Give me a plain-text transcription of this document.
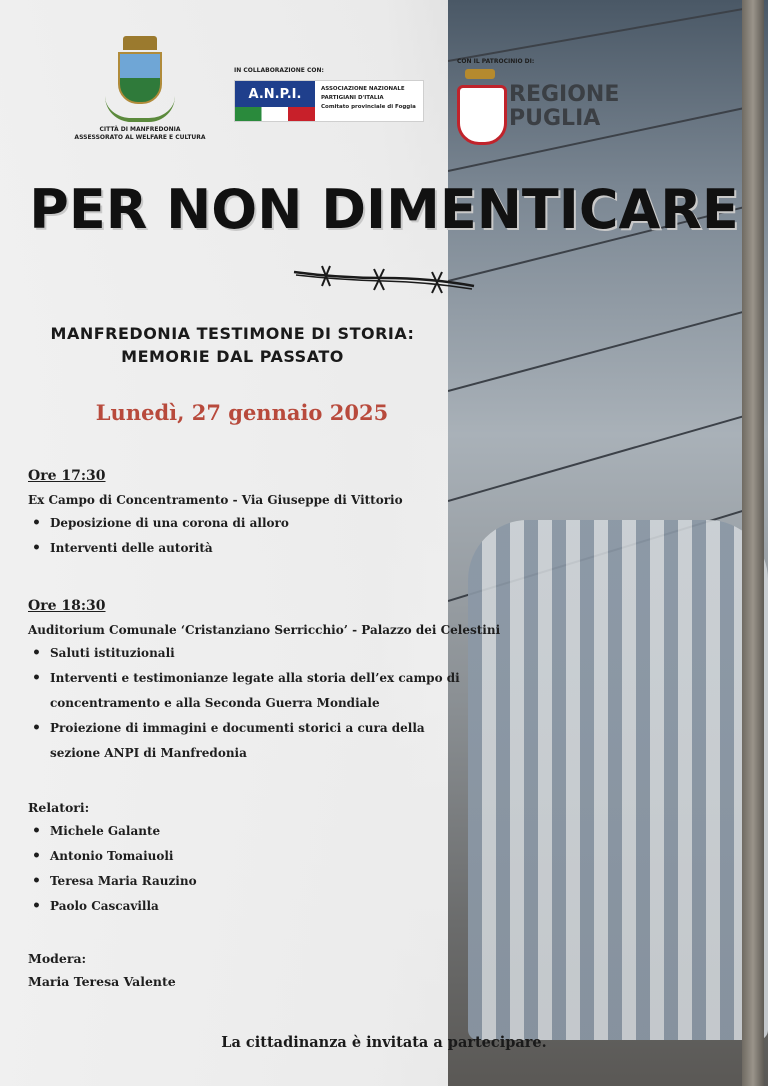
CITTÀ DI MANFREDONIA
ASSESSORATO AL WELFARE E CULTURA
IN COLLABORAZIONE CON:
A.N.P.I.	ASSOCIAZIONE NAZIONALE
PARTIGIANI D'ITALIA
Comitato provinciale di Foggia
CON IL PATROCINIO DI:
REGIONE
PUGLIA
PER NON DIMENTICARE
MANFREDONIA TESTIMONE DI STORIA:
MEMORIE DAL PASSATO
Lunedì, 27 gennaio 2025
Ore 17:30
Ex Campo di Concentramento - Via Giuseppe di Vittorio
• Deposizione di una corona di alloro
• Interventi delle autorità
Ore 18:30
Auditorium Comunale ‘Cristanziano Serricchio’ - Palazzo dei Celestini
• Saluti istituzionali
• Interventi e testimonianze legate alla storia dell’ex campo di
concentramento e alla Seconda Guerra Mondiale
• Proiezione di immagini e documenti storici a cura della
sezione ANPI di Manfredonia
Relatori:
• Michele Galante
• Antonio Tomaiuoli
• Teresa Maria Rauzino
• Paolo Cascavilla
Modera:
Maria Teresa Valente
La cittadinanza è invitata a partecipare.
